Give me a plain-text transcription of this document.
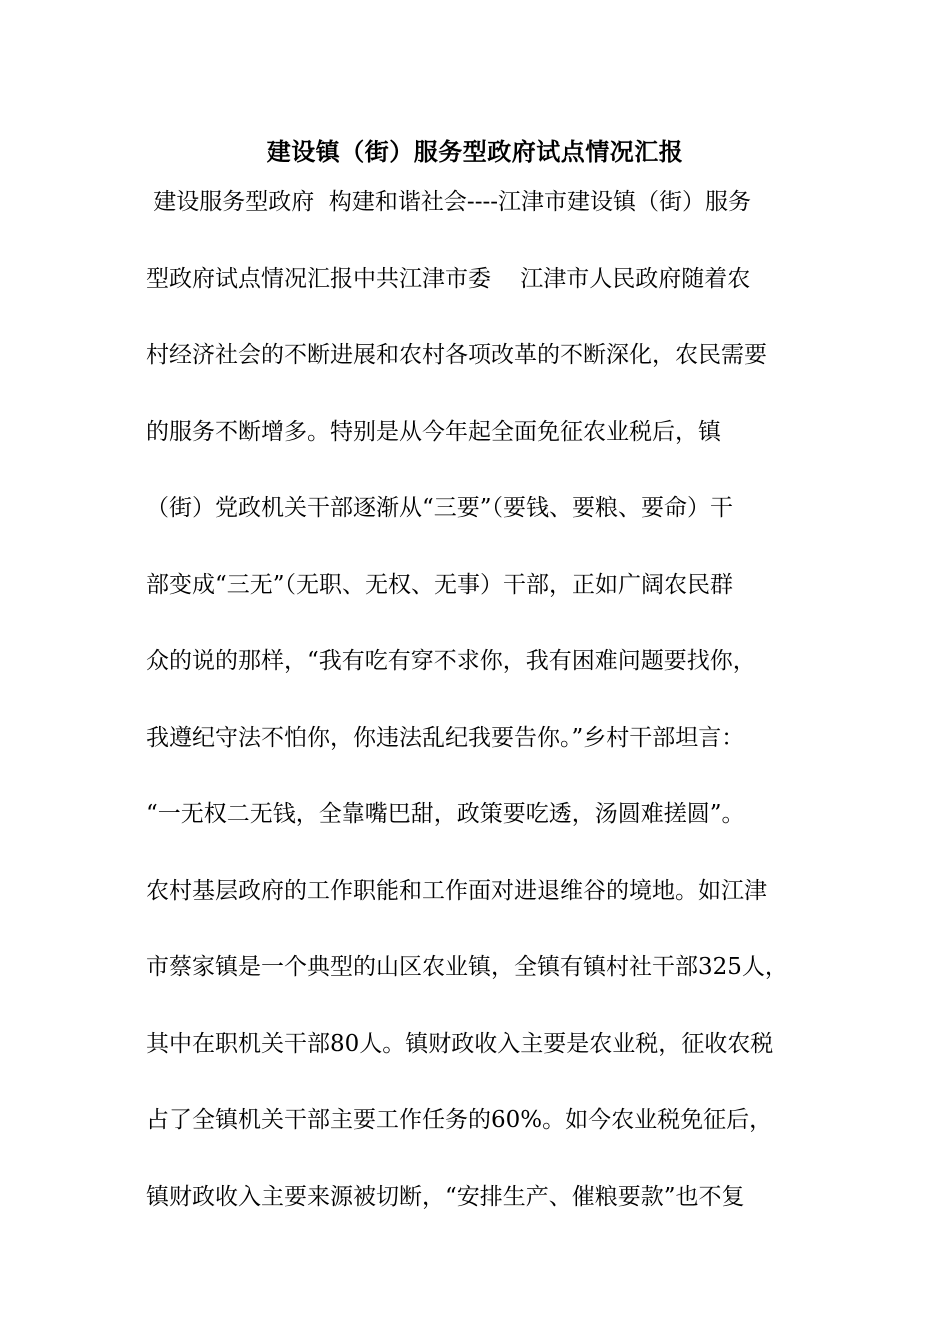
建设镇（街）服务型政府试点情况汇报
建设服务型政府  构建和谐社会----江津市建设镇（街）服务
型政府试点情况汇报中共江津市委    江津市人民政府随着农
村经济社会的不断进展和农村各项改革的不断深化，农民需要
的服务不断增多。特别是从今年起全面免征农业税后，镇
（街）党政机关干部逐渐从“三要”（要钱、要粮、要命）干
部变成“三无”（无职、无权、无事）干部，正如广阔农民群
众的说的那样，“我有吃有穿不求你，我有困难问题要找你，
我遵纪守法不怕你，你违法乱纪我要告你。”乡村干部坦言：
“一无权二无钱，全靠嘴巴甜，政策要吃透，汤圆难搓圆”。
农村基层政府的工作职能和工作面对进退维谷的境地。如江津
市蔡家镇是一个典型的山区农业镇，全镇有镇村社干部325人，
其中在职机关干部80人。镇财政收入主要是农业税，征收农税
占了全镇机关干部主要工作任务的60%。如今农业税免征后，
镇财政收入主要来源被切断，“安排生产、催粮要款”也不复
